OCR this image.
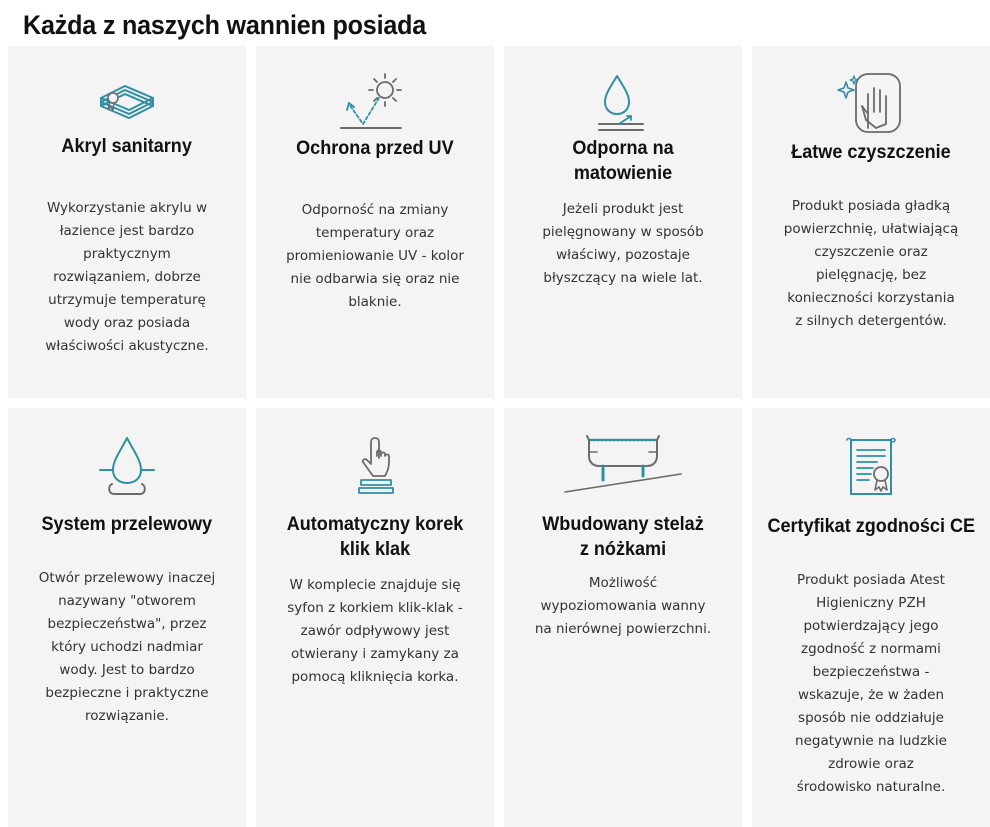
Każda z naszych wannien posiada
Akryl sanitarny

Wykorzystanie akrylu w łazience jest bardzo praktycznym rozwiązaniem, dobrze utrzymuje temperaturę wody oraz posiada właściwości akustyczne.

Ochrona przed UV

Odporność na zmiany temperatury oraz promieniowanie UV - kolor nie odbarwia się oraz nie blaknie.

Odporna na matowienie

Jeżeli produkt jest pielęgnowany w sposób właściwy, pozostaje błyszczący na wiele lat.

Łatwe czyszczenie

Produkt posiada gładką powierzchnię, ułatwiającą czyszczenie oraz pielęgnację, bez konieczności korzystania z silnych detergentów.

System przelewowy

Otwór przelewowy inaczej nazywany "otworem bezpieczeństwa", przez który uchodzi nadmiar wody. Jest to bardzo bezpieczne i praktyczne rozwiązanie.

Automatyczny korek klik klak

W komplecie znajduje się syfon z korkiem klik-klak - zawór odpływowy jest otwierany i zamykany za pomocą kliknięcia korka.

Wbudowany stelaż z nóżkami

Możliwość wypoziomowania wanny na nierównej powierzchni.

Certyfikat zgodności CE

Produkt posiada Atest Higieniczny PZH potwierdzający jego zgodność z normami bezpieczeństwa - wskazuje, że w żaden sposób nie oddziałuje negatywnie na ludzkie zdrowie oraz środowisko naturalne.
